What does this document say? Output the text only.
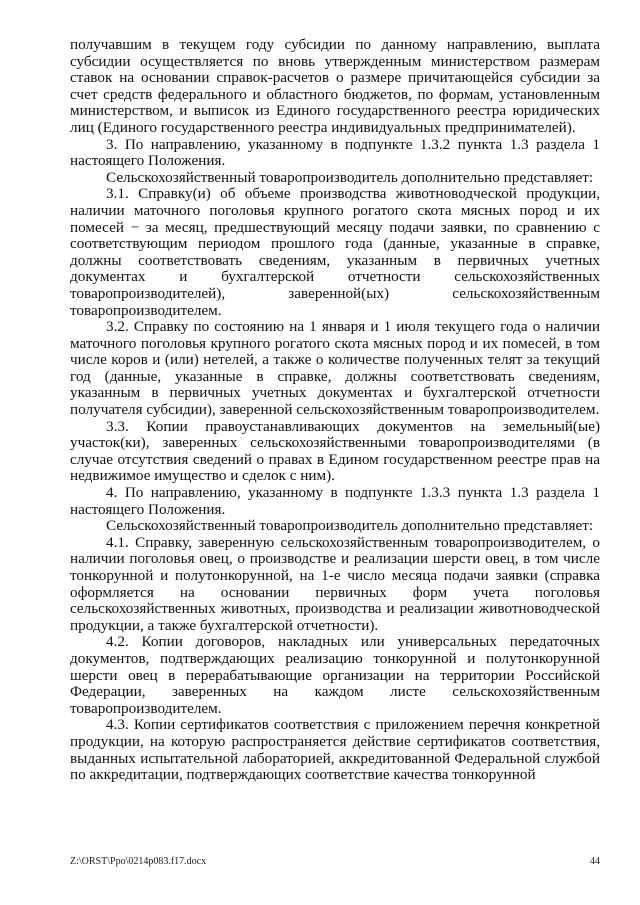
получавшим в текущем году субсидии по данному направлению, выплата субсидии осуществляется по вновь утвержденным министерством размерам ставок на основании справок-расчетов о размере причитающейся субсидии за счет средств федерального и областного бюджетов, по формам, установленным министерством, и выписок из Единого государственного реестра юридических лиц (Единого государственного реестра индивидуальных предпринимателей).

3. По направлению, указанному в подпункте 1.3.2 пункта 1.3 раздела 1 настоящего Положения.

Сельскохозяйственный товаропроизводитель дополнительно представляет:

3.1. Справку(и) об объеме производства животноводческой продукции, наличии маточного поголовья крупного рогатого скота мясных пород и их помесей − за месяц, предшествующий месяцу подачи заявки, по сравнению с соответствующим периодом прошлого года (данные, указанные в справке, должны соответствовать сведениям, указанным в первичных учетных документах и бухгалтерской отчетности сельскохозяйственных товаропроизводителей), заверенной(ых) сельскохозяйственным товаропроизводителем.

3.2. Справку по состоянию на 1 января и 1 июля текущего года о наличии маточного поголовья крупного рогатого скота мясных пород и их помесей, в том числе коров и (или) нетелей, а также о количестве полученных телят за текущий год (данные, указанные в справке, должны соответствовать сведениям, указанным в первичных учетных документах и бухгалтерской отчетности получателя субсидии), заверенной сельскохозяйственным товаропроизводителем.

3.3. Копии правоустанавливающих документов на земельный(ые) участок(ки), заверенных сельскохозяйственными товаропроизводителями (в случае отсутствия сведений о правах в Едином государственном реестре прав на недвижимое имущество и сделок с ним).

4. По направлению, указанному в подпункте 1.3.3 пункта 1.3 раздела 1 настоящего Положения.

Сельскохозяйственный товаропроизводитель дополнительно представляет:

4.1. Справку, заверенную сельскохозяйственным товаропроизводителем, о наличии поголовья овец, о производстве и реализации шерсти овец, в том числе тонкорунной и полутонкорунной, на 1-е число месяца подачи заявки (справка оформляется на основании первичных форм учета поголовья сельскохозяйственных животных, производства и реализации животноводческой продукции, а также бухгалтерской отчетности).

4.2. Копии договоров, накладных или универсальных передаточных документов, подтверждающих реализацию тонкорунной и полутонкорунной шерсти овец в перерабатывающие организации на территории Российской Федерации, заверенных на каждом листе сельскохозяйственным товаропроизводителем.

4.3. Копии сертификатов соответствия с приложением перечня конкретной продукции, на которую распространяется действие сертификатов соответствия, выданных испытательной лабораторией, аккредитованной Федеральной службой по аккредитации, подтверждающих соответствие качества тонкорунной

Z:\ORST\Ppo\0214p083.f17.docx	44
